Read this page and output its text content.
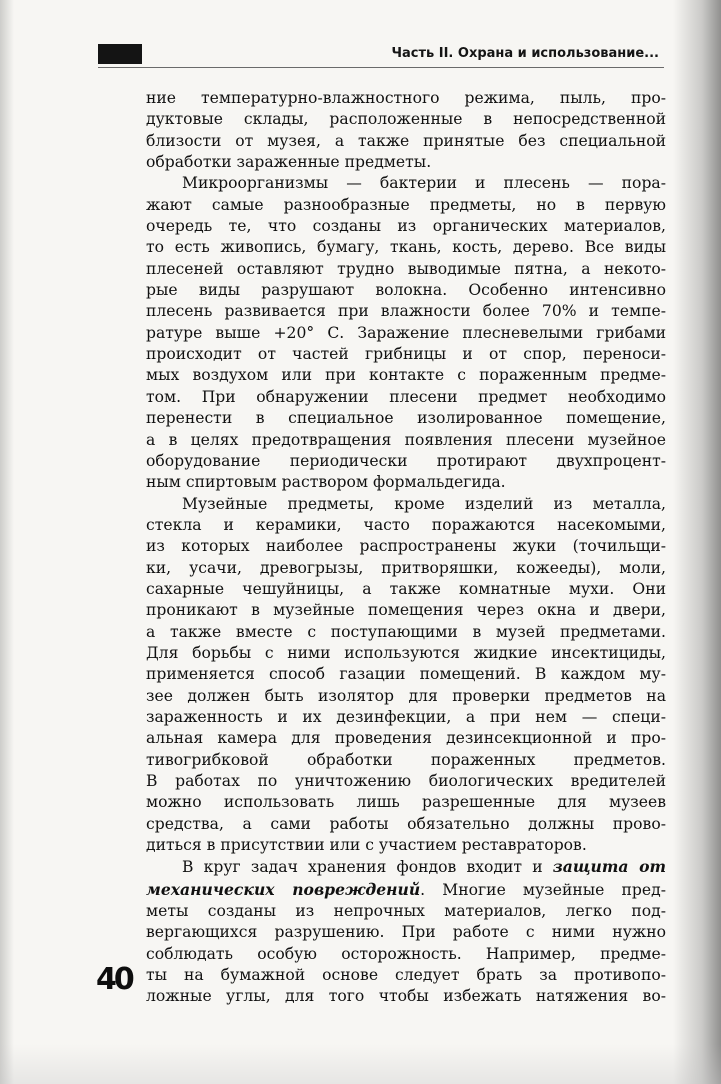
Часть II. Охрана и использование...
ние температурно-влажностного режима, пыль, про-
дуктовые склады, расположенные в непосредственной
близости от музея, а также принятые без специальной
обработки зараженные предметы.
Микроорганизмы — бактерии и плесень — пора-
жают самые разнообразные предметы, но в первую
очередь те, что созданы из органических материалов,
то есть живопись, бумагу, ткань, кость, дерево. Все виды
плесеней оставляют трудно выводимые пятна, а некото-
рые виды разрушают волокна. Особенно интенсивно
плесень развивается при влажности более 70% и темпе-
ратуре выше +20° С. Заражение плесневелыми грибами
происходит от частей грибницы и от спор, переноси-
мых воздухом или при контакте с пораженным предме-
том. При обнаружении плесени предмет необходимо
перенести в специальное изолированное помещение,
а в целях предотвращения появления плесени музейное
оборудование периодически протирают двухпроцент-
ным спиртовым раствором формальдегида.
Музейные предметы, кроме изделий из металла,
стекла и керамики, часто поражаются насекомыми,
из которых наиболее распространены жуки (точильщи-
ки, усачи, древогрызы, притворяшки, кожееды), моли,
сахарные чешуйницы, а также комнатные мухи. Они
проникают в музейные помещения через окна и двери,
а также вместе с поступающими в музей предметами.
Для борьбы с ними используются жидкие инсектициды,
применяется способ газации помещений. В каждом му-
зее должен быть изолятор для проверки предметов на
зараженность и их дезинфекции, а при нем — специ-
альная камера для проведения дезинсекционной и про-
тивогрибковой обработки пораженных предметов.
В работах по уничтожению биологических вредителей
можно использовать лишь разрешенные для музеев
средства, а сами работы обязательно должны прово-
диться в присутствии или с участием реставраторов.
В круг задач хранения фондов входит и защита от
механических повреждений. Многие музейные пред-
меты созданы из непрочных материалов, легко под-
вергающихся разрушению. При работе с ними нужно
соблюдать особую осторожность. Например, предме-
ты на бумажной основе следует брать за противопо-
ложные углы, для того чтобы избежать натяжения во-
40
